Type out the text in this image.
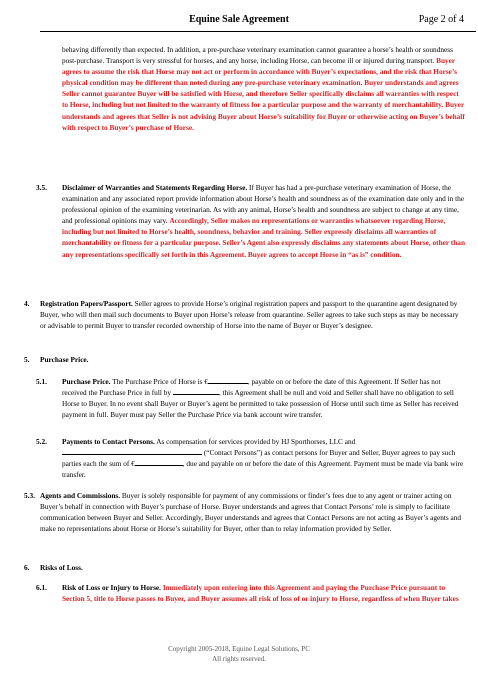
Equine Sale Agreement	Page 2 of 4
behaving differently than expected. In addition, a pre-purchase veterinary examination cannot guarantee a horse’s health or soundness post-purchase. Transport is very stressful for horses, and any horse, including Horse, can become ill or injured during transport. Buyer agrees to assume the risk that Horse may not act or perform in accordance with Buyer’s expectations, and the risk that Horse’s physical condition may be different than noted during any pre-purchase veterinary examination. Buyer understands and agrees Seller cannot guarantee Buyer will be satisfied with Horse, and therefore Seller specifically disclaims all warranties with respect to Horse, including but not limited to the warranty of fitness for a particular purpose and the warranty of merchantability. Buyer understands and agrees that Seller is not advising Buyer about Horse’s suitability for Buyer or otherwise acting on Buyer’s behalf with respect to Buyer’s purchase of Horse.
3.5. Disclaimer of Warranties and Statements Regarding Horse. If Buyer has had a pre-purchase veterinary examination of Horse, the examination and any associated report provide information about Horse’s health and soundness as of the examination date only and in the professional opinion of the examining veterinarian. As with any animal, Horse’s health and soundness are subject to change at any time, and professional opinions may vary. Accordingly, Seller makes no representations or warranties whatsoever regarding Horse, including but not limited to Horse’s health, soundness, behavior and training. Seller expressly disclaims all warranties of merchantability or fitness for a particular purpose. Seller’s Agent also expressly disclaims any statements about Horse, other than any representations specifically set forth in this Agreement. Buyer agrees to accept Horse in “as is” condition.
4. Registration Papers/Passport. Seller agrees to provide Horse’s original registration papers and passport to the quarantine agent designated by Buyer, who will then mail such documents to Buyer upon Horse’s release from quarantine. Seller agrees to take such steps as may be necessary or advisable to permit Buyer to transfer recorded ownership of Horse into the name of Buyer or Buyer’s designee.
5. Purchase Price.
5.1. Purchase Price. The Purchase Price of Horse is €	, payable on or before the date of this Agreement. If Seller has not received the Purchase Price in full by	, this Agreement shall be null and void and Seller shall have no obligation to sell Horse to Buyer. In no event shall Buyer or Buyer’s agent be permitted to take possession of Horse until such time as Seller has received payment in full. Buyer must pay Seller the Purchase Price via bank account wire transfer.
5.2. Payments to Contact Persons. As compensation for services provided by HJ Sporthorses, LLC and  (“Contact Persons”) as contact persons for Buyer and Seller, Buyer agrees to pay such parties each the sum of €	, due and payable on or before the date of this Agreement. Payment must be made via bank wire transfer.
5.3. Agents and Commissions. Buyer is solely responsible for payment of any commissions or finder’s fees due to any agent or trainer acting on Buyer’s behalf in connection with Buyer’s purchase of Horse. Buyer understands and agrees that Contact Persons’ role is simply to facilitate communication between Buyer and Seller. Accordingly, Buyer understands and agrees that Contact Persons are not acting as Buyer’s agents and make no representations about Horse or Horse’s suitability for Buyer, other than to relay information provided by Seller.
6. Risks of Loss.
6.1. Risk of Loss or Injury to Horse. Immediately upon entering into this Agreement and paying the Purchase Price pursuant to Section 5, title to Horse passes to Buyer, and Buyer assumes all risk of loss of or injury to Horse, regardless of when Buyer takes
Copyright 2005-2018, Equine Legal Solutions, PC
All rights reserved.
